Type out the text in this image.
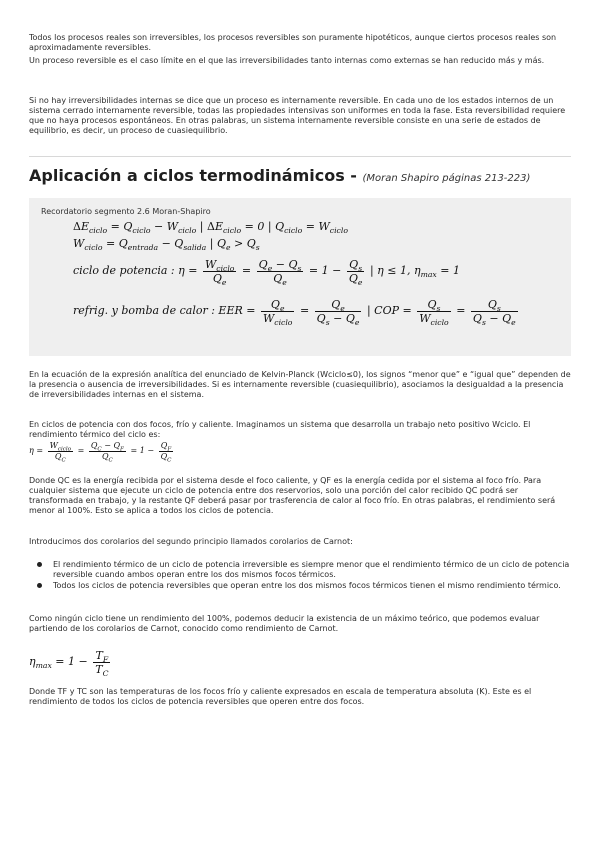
Todos los procesos reales son irreversibles, los procesos reversibles son puramente hipotéticos, aunque ciertos procesos reales son aproximadamente reversibles.

Un proceso reversible es el caso límite en el que las irreversibilidades tanto internas como externas se han reducido más y más.

Si no hay irreversibilidades internas se dice que un proceso es internamente reversible. En cada uno de los estados internos de un sistema cerrado internamente reversible, todas las propiedades intensivas son uniformes en toda la fase. Esta reversibilidad requiere que no haya procesos espontáneos. En otras palabras, un sistema internamente reversible consiste en una serie de estados de equilibrio, es decir, un proceso de cuasiequilibrio.

Aplicación a ciclos termodinámicos - (Moran Shapiro páginas 213-223)
Recordatorio segmento 2.6 Moran-Shapiro
$\Delta E_{ciclo} = Q_{ciclo} - W_{ciclo}$ | $\Delta E_{ciclo} = 0$ | $Q_{ciclo} = W_{ciclo}$
$W_{ciclo} = Q_{entrada} - Q_{salida}$ | $Q_e > Q_s$
ciclo de potencia : $\eta = \frac{W_{ciclo}}{Q_e} = \frac{Q_e - Q_s}{Q_e} = 1 - \frac{Q_s}{Q_e}$ | η ≤ 1, $\eta_{max} = 1$
refrig. y bomba de calor : EER = $\frac{Q_e}{W_{ciclo}} = \frac{Q_e}{Q_s - Q_e}$ | COP = $\frac{Q_s}{W_{ciclo}} = \frac{Q_s}{Q_s - Q_e}$

En la ecuación de la expresión analítica del enunciado de Kelvin-Planck (Wciclo≤0), los signos “menor que” e “igual que” dependen de la presencia o ausencia de irreversibilidades. Si es internamente reversible (cuasiequilibrio), asociamos la desigualdad a la presencia de irreversibilidades internas en el sistema.

En ciclos de potencia con dos focos, frío y caliente. Imaginamos un sistema que desarrolla un trabajo neto positivo Wciclo. El rendimiento térmico del ciclo es:

$\eta = \frac{W_{ciclo}}{Q_C} = \frac{Q_C - Q_F}{Q_C} = 1 - \frac{Q_F}{Q_C}$

Donde QC es la energía recibida por el sistema desde el foco caliente, y QF es la energía cedida por el sistema al foco frío. Para cualquier sistema que ejecute un ciclo de potencia entre dos reservorios, solo una porción del calor recibido QC podrá ser transformada en trabajo, y la restante QF deberá pasar por trasferencia de calor al foco frío. En otras palabras, el rendimiento será menor al 100%. Esto se aplica a todos los ciclos de potencia.

Introducimos dos corolarios del segundo principio llamados corolarios de Carnot:

El rendimiento térmico de un ciclo de potencia irreversible es siempre menor que el rendimiento térmico de un ciclo de potencia reversible cuando ambos operan entre los dos mismos focos térmicos.
Todos los ciclos de potencia reversibles que operan entre los dos mismos focos térmicos tienen el mismo rendimiento térmico.

Como ningún ciclo tiene un rendimiento del 100%, podemos deducir la existencia de un máximo teórico, que podemos evaluar partiendo de los corolarios de Carnot, conocido como rendimiento de Carnot.

$\eta_{max} = 1 - \frac{T_F}{T_C}$

Donde TF y TC son las temperaturas de los focos frío y caliente expresados en escala de temperatura absoluta (K). Este es el rendimiento de todos los ciclos de potencia reversibles que operen entre dos focos.
